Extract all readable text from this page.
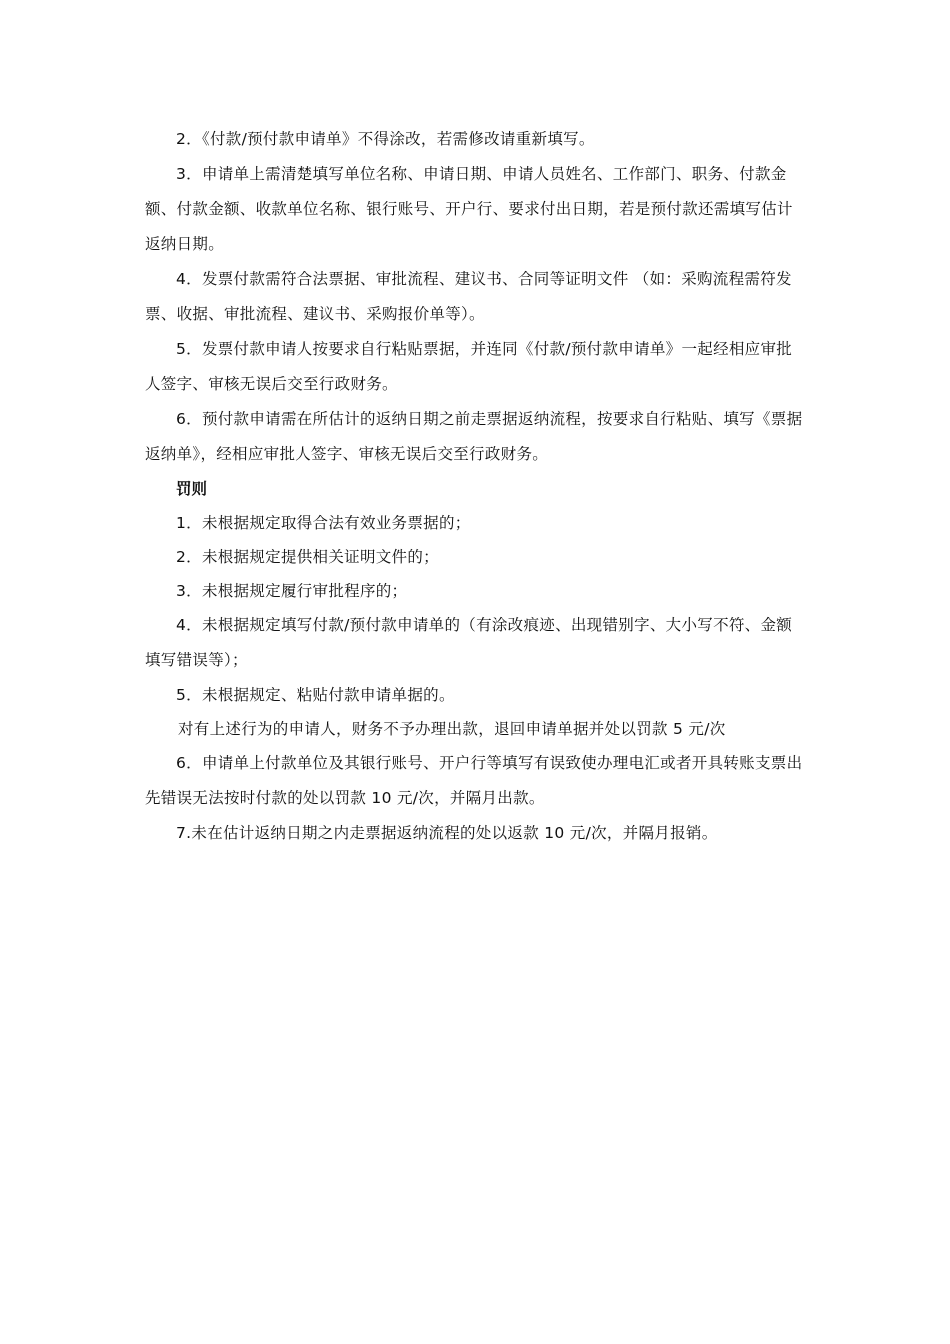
2．《付款/预付款申请单》不得涂改，若需修改请重新填写。

3．申请单上需清楚填写单位名称、申请日期、申请人员姓名、工作部门、职务、付款金额、付款金额、收款单位名称、银行账号、开户行、要求付出日期，若是预付款还需填写估计返纳日期。

4．发票付款需符合法票据、审批流程、建议书、合同等证明文件 （如：采购流程需符发票、收据、审批流程、建议书、采购报价单等）。

5．发票付款申请人按要求自行粘贴票据，并连同《付款/预付款申请单》一起经相应审批人签字、审核无误后交至行政财务。

6．预付款申请需在所估计的返纳日期之前走票据返纳流程，按要求自行粘贴、填写《票据返纳单》，经相应审批人签字、审核无误后交至行政财务。

罚则

1．未根据规定取得合法有效业务票据的；

2．未根据规定提供相关证明文件的；

3．未根据规定履行审批程序的；

4．未根据规定填写付款/预付款申请单的（有涂改痕迹、出现错别字、大小写不符、金额填写错误等）；

5．未根据规定、粘贴付款申请单据的。

对有上述行为的申请人，财务不予办理出款，退回申请单据并处以罚款 5 元/次

6．申请单上付款单位及其银行账号、开户行等填写有误致使办理电汇或者开具转账支票出先错误无法按时付款的处以罚款 10 元/次，并隔月出款。

7.未在估计返纳日期之内走票据返纳流程的处以返款 10 元/次，并隔月报销。
